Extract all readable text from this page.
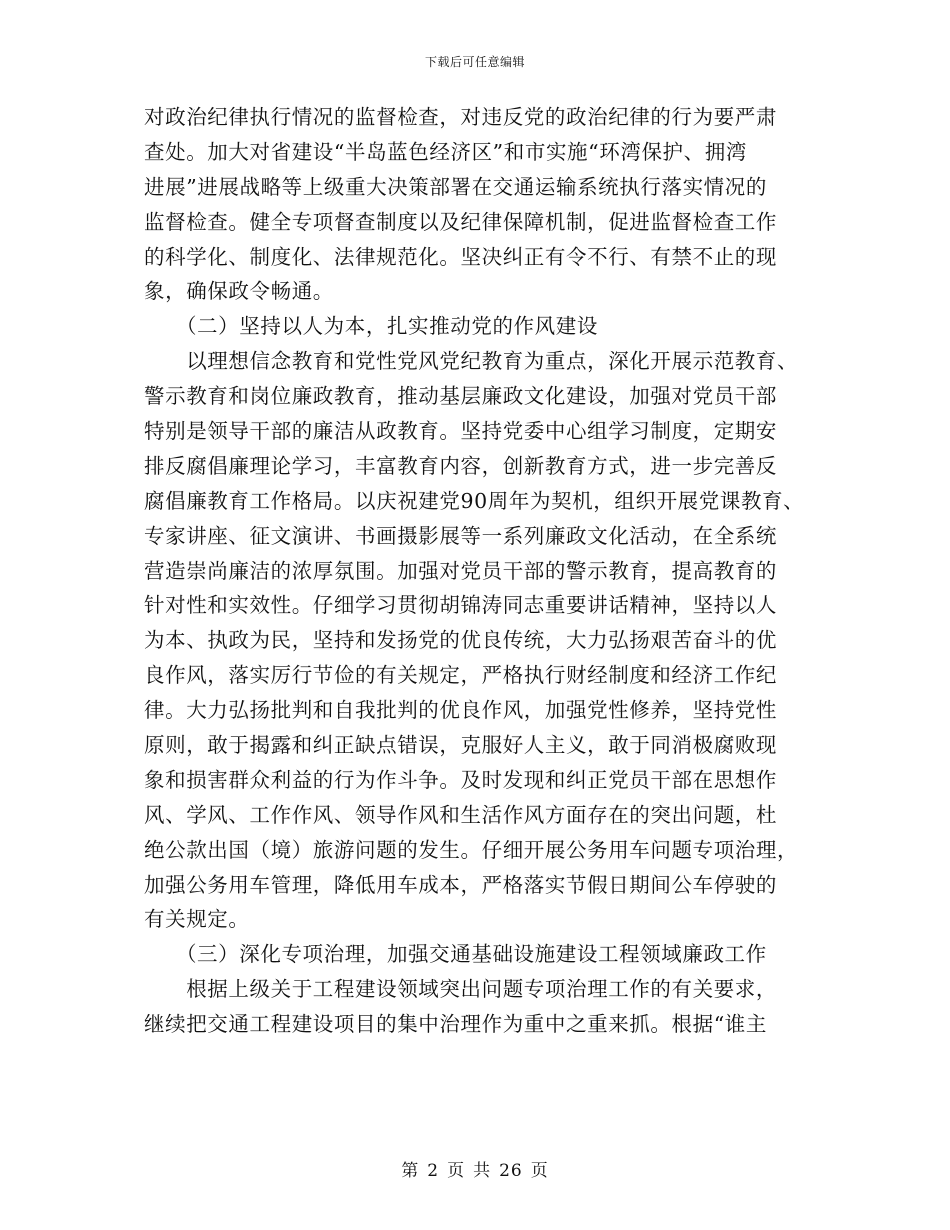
下载后可任意编辑
对政治纪律执行情况的监督检查，对违反党的政治纪律的行为要严肃
查处。加大对省建设“半岛蓝色经济区”和市实施“环湾保护、拥湾
进展”进展战略等上级重大决策部署在交通运输系统执行落实情况的
监督检查。健全专项督查制度以及纪律保障机制，促进监督检查工作
的科学化、制度化、法律规范化。坚决纠正有令不行、有禁不止的现
象，确保政令畅通。
　　（二）坚持以人为本，扎实推动党的作风建设
　　以理想信念教育和党性党风党纪教育为重点，深化开展示范教育、
警示教育和岗位廉政教育，推动基层廉政文化建设，加强对党员干部
特别是领导干部的廉洁从政教育。坚持党委中心组学习制度，定期安
排反腐倡廉理论学习，丰富教育内容，创新教育方式，进一步完善反
腐倡廉教育工作格局。以庆祝建党90周年为契机，组织开展党课教育、
专家讲座、征文演讲、书画摄影展等一系列廉政文化活动，在全系统
营造崇尚廉洁的浓厚氛围。加强对党员干部的警示教育，提高教育的
针对性和实效性。仔细学习贯彻胡锦涛同志重要讲话精神，坚持以人
为本、执政为民，坚持和发扬党的优良传统，大力弘扬艰苦奋斗的优
良作风，落实厉行节俭的有关规定，严格执行财经制度和经济工作纪
律。大力弘扬批判和自我批判的优良作风，加强党性修养，坚持党性
原则，敢于揭露和纠正缺点错误，克服好人主义，敢于同消极腐败现
象和损害群众利益的行为作斗争。及时发现和纠正党员干部在思想作
风、学风、工作作风、领导作风和生活作风方面存在的突出问题，杜
绝公款出国（境）旅游问题的发生。仔细开展公务用车问题专项治理，
加强公务用车管理，降低用车成本，严格落实节假日期间公车停驶的
有关规定。
　　（三）深化专项治理，加强交通基础设施建设工程领域廉政工作
　　根据上级关于工程建设领域突出问题专项治理工作的有关要求，
继续把交通工程建设项目的集中治理作为重中之重来抓。根据“谁主
第 2 页 共 26 页
